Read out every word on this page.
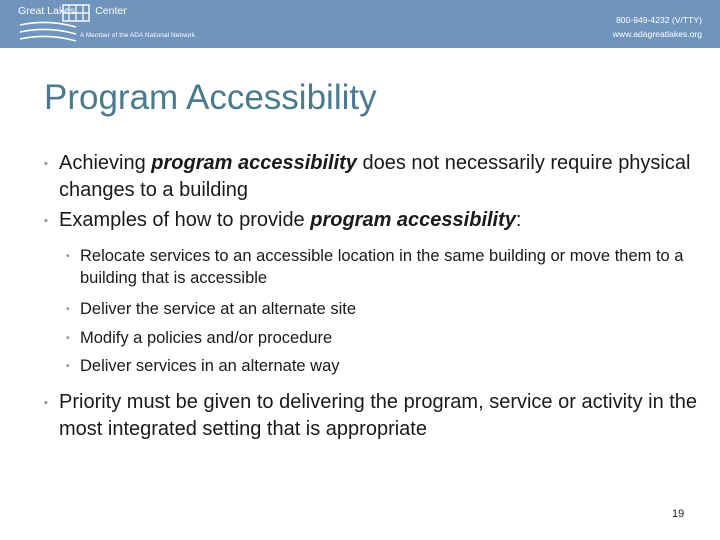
Great Lakes Center
A Member of the ADA National Network
800-949-4232 (V/TTY)
www.adagreatlakes.org
Program Accessibility
• Achieving program accessibility does not necessarily require physical changes to a building
• Examples of how to provide program accessibility:
• Relocate services to an accessible location in the same building or move them to a building that is accessible
• Deliver the service at an alternate site
• Modify a policies and/or procedure
• Deliver services in an alternate way
• Priority must be given to delivering the program, service or activity in the most integrated setting that is appropriate
19
